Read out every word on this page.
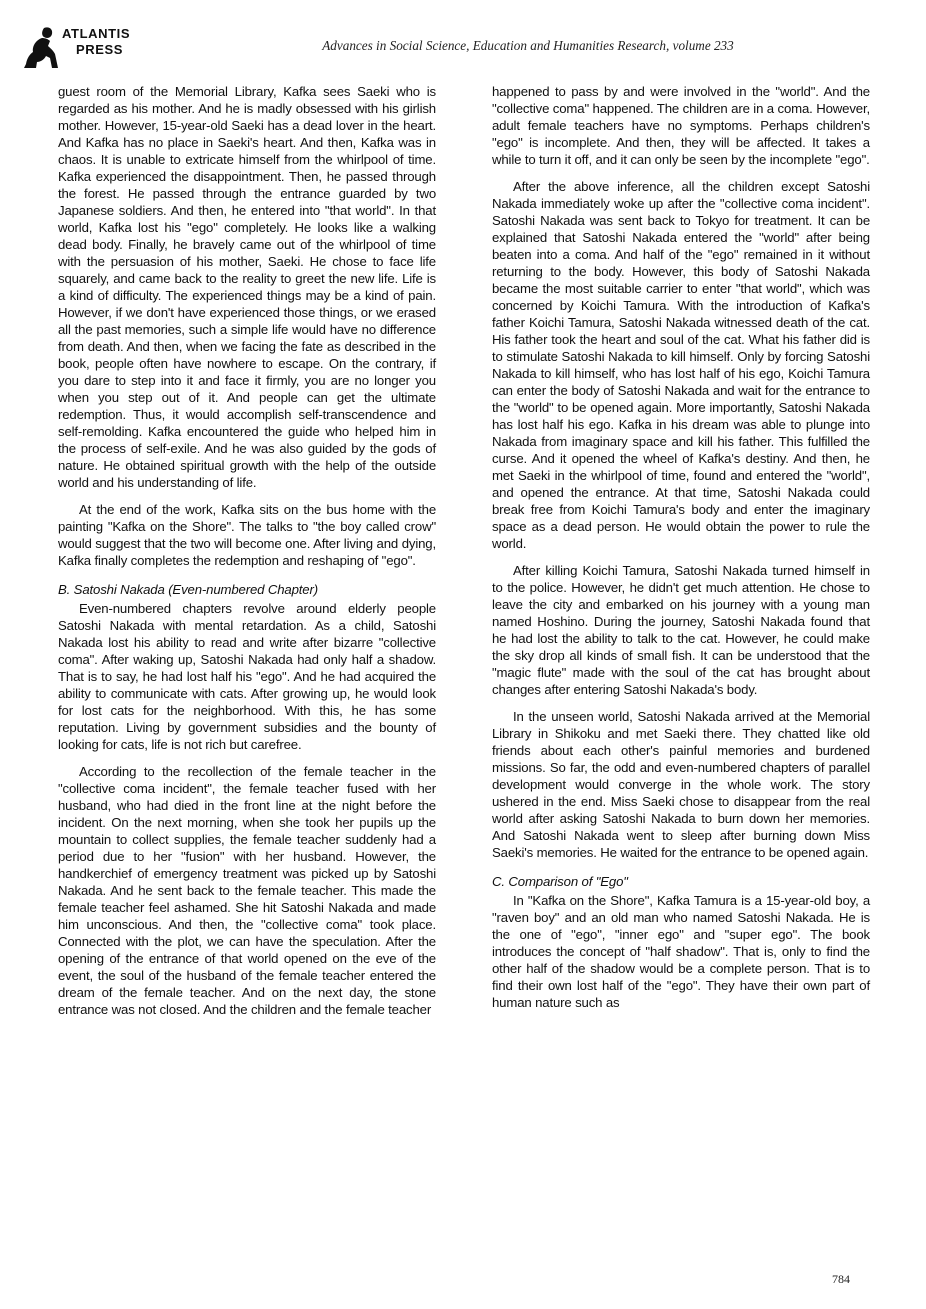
ATLANTIS
PRESS	Advances in Social Science, Education and Humanities Research, volume 233

guest room of the Memorial Library, Kafka sees Saeki who is regarded as his mother. And he is madly obsessed with his girlish mother. However, 15-year-old Saeki has a dead lover in the heart. And Kafka has no place in Saeki's heart. And then, Kafka was in chaos. It is unable to extricate himself from the whirlpool of time. Kafka experienced the disappointment. Then, he passed through the forest. He passed through the entrance guarded by two Japanese soldiers. And then, he entered into "that world". In that world, Kafka lost his "ego" completely. He looks like a walking dead body. Finally, he bravely came out of the whirlpool of time with the persuasion of his mother, Saeki. He chose to face life squarely, and came back to the reality to greet the new life. Life is a kind of difficulty. The experienced things may be a kind of pain. However, if we don't have experienced those things, or we erased all the past memories, such a simple life would have no difference from death. And then, when we facing the fate as described in the book, people often have nowhere to escape. On the contrary, if you dare to step into it and face it firmly, you are no longer you when you step out of it. And people can get the ultimate redemption. Thus, it would accomplish self-transcendence and self-remolding. Kafka encountered the guide who helped him in the process of self-exile. And he was also guided by the gods of nature. He obtained spiritual growth with the help of the outside world and his understanding of life.

At the end of the work, Kafka sits on the bus home with the painting "Kafka on the Shore". The talks to "the boy called crow" would suggest that the two will become one. After living and dying, Kafka finally completes the redemption and reshaping of "ego".

B. Satoshi Nakada (Even-numbered Chapter)

Even-numbered chapters revolve around elderly people Satoshi Nakada with mental retardation. As a child, Satoshi Nakada lost his ability to read and write after bizarre "collective coma". After waking up, Satoshi Nakada had only half a shadow. That is to say, he had lost half his "ego". And he had acquired the ability to communicate with cats. After growing up, he would look for lost cats for the neighborhood. With this, he has some reputation. Living by government subsidies and the bounty of looking for cats, life is not rich but carefree.

According to the recollection of the female teacher in the "collective coma incident", the female teacher fused with her husband, who had died in the front line at the night before the incident. On the next morning, when she took her pupils up the mountain to collect supplies, the female teacher suddenly had a period due to her "fusion" with her husband. However, the handkerchief of emergency treatment was picked up by Satoshi Nakada. And he sent back to the female teacher. This made the female teacher feel ashamed. She hit Satoshi Nakada and made him unconscious. And then, the "collective coma" took place. Connected with the plot, we can have the speculation. After the opening of the entrance of that world opened on the eve of the event, the soul of the husband of the female teacher entered the dream of the female teacher. And on the next day, the stone entrance was not closed. And the children and the female teacher

happened to pass by and were involved in the "world". And the "collective coma" happened. The children are in a coma. However, adult female teachers have no symptoms. Perhaps children's "ego" is incomplete. And then, they will be affected. It takes a while to turn it off, and it can only be seen by the incomplete "ego".

After the above inference, all the children except Satoshi Nakada immediately woke up after the "collective coma incident". Satoshi Nakada was sent back to Tokyo for treatment. It can be explained that Satoshi Nakada entered the "world" after being beaten into a coma. And half of the "ego" remained in it without returning to the body. However, this body of Satoshi Nakada became the most suitable carrier to enter "that world", which was concerned by Koichi Tamura. With the introduction of Kafka's father Koichi Tamura, Satoshi Nakada witnessed death of the cat. His father took the heart and soul of the cat. What his father did is to stimulate Satoshi Nakada to kill himself. Only by forcing Satoshi Nakada to kill himself, who has lost half of his ego, Koichi Tamura can enter the body of Satoshi Nakada and wait for the entrance to the "world" to be opened again. More importantly, Satoshi Nakada has lost half his ego. Kafka in his dream was able to plunge into Nakada from imaginary space and kill his father. This fulfilled the curse. And it opened the wheel of Kafka's destiny. And then, he met Saeki in the whirlpool of time, found and entered the "world", and opened the entrance. At that time, Satoshi Nakada could break free from Koichi Tamura's body and enter the imaginary space as a dead person. He would obtain the power to rule the world.

After killing Koichi Tamura, Satoshi Nakada turned himself in to the police. However, he didn't get much attention. He chose to leave the city and embarked on his journey with a young man named Hoshino. During the journey, Satoshi Nakada found that he had lost the ability to talk to the cat. However, he could make the sky drop all kinds of small fish. It can be understood that the "magic flute" made with the soul of the cat has brought about changes after entering Satoshi Nakada's body.

In the unseen world, Satoshi Nakada arrived at the Memorial Library in Shikoku and met Saeki there. They chatted like old friends about each other's painful memories and burdened missions. So far, the odd and even-numbered chapters of parallel development would converge in the whole work. The story ushered in the end. Miss Saeki chose to disappear from the real world after asking Satoshi Nakada to burn down her memories. And Satoshi Nakada went to sleep after burning down Miss Saeki's memories. He waited for the entrance to be opened again.

C. Comparison of "Ego"

In "Kafka on the Shore", Kafka Tamura is a 15-year-old boy, a "raven boy" and an old man who named Satoshi Nakada. He is the one of "ego", "inner ego" and "super ego". The book introduces the concept of "half shadow". That is, only to find the other half of the shadow would be a complete person. That is to find their own lost half of the "ego". They have their own part of human nature such as

784
